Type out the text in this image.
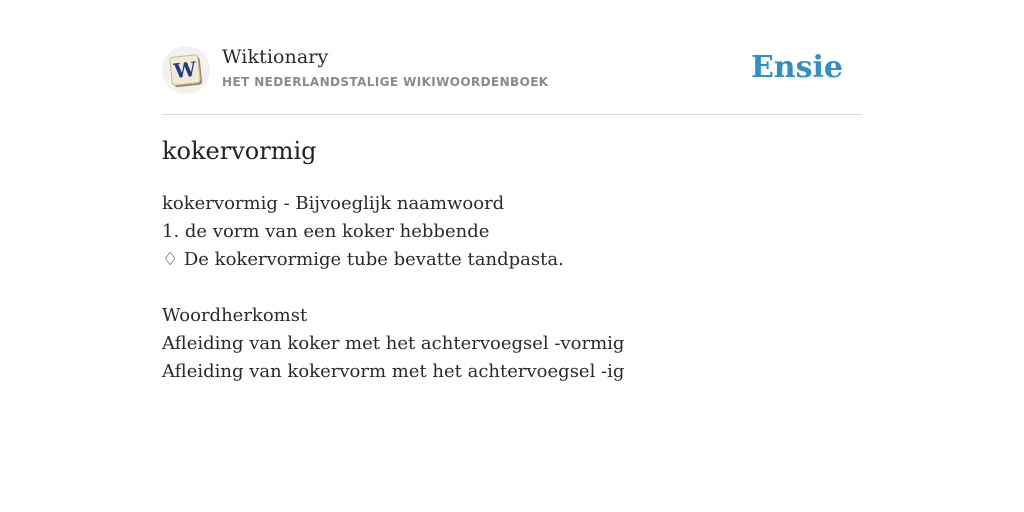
W Wiktionary
HET NEDERLANDSTALIGE WIKIWOORDENBOEK	Ensie
kokervormig
kokervormig - Bijvoeglijk naamwoord
1. de vorm van een koker hebbende
♢ De kokervormige tube bevatte tandpasta.
Woordherkomst
Afleiding van koker met het achtervoegsel -vormig
Afleiding van kokervorm met het achtervoegsel -ig
